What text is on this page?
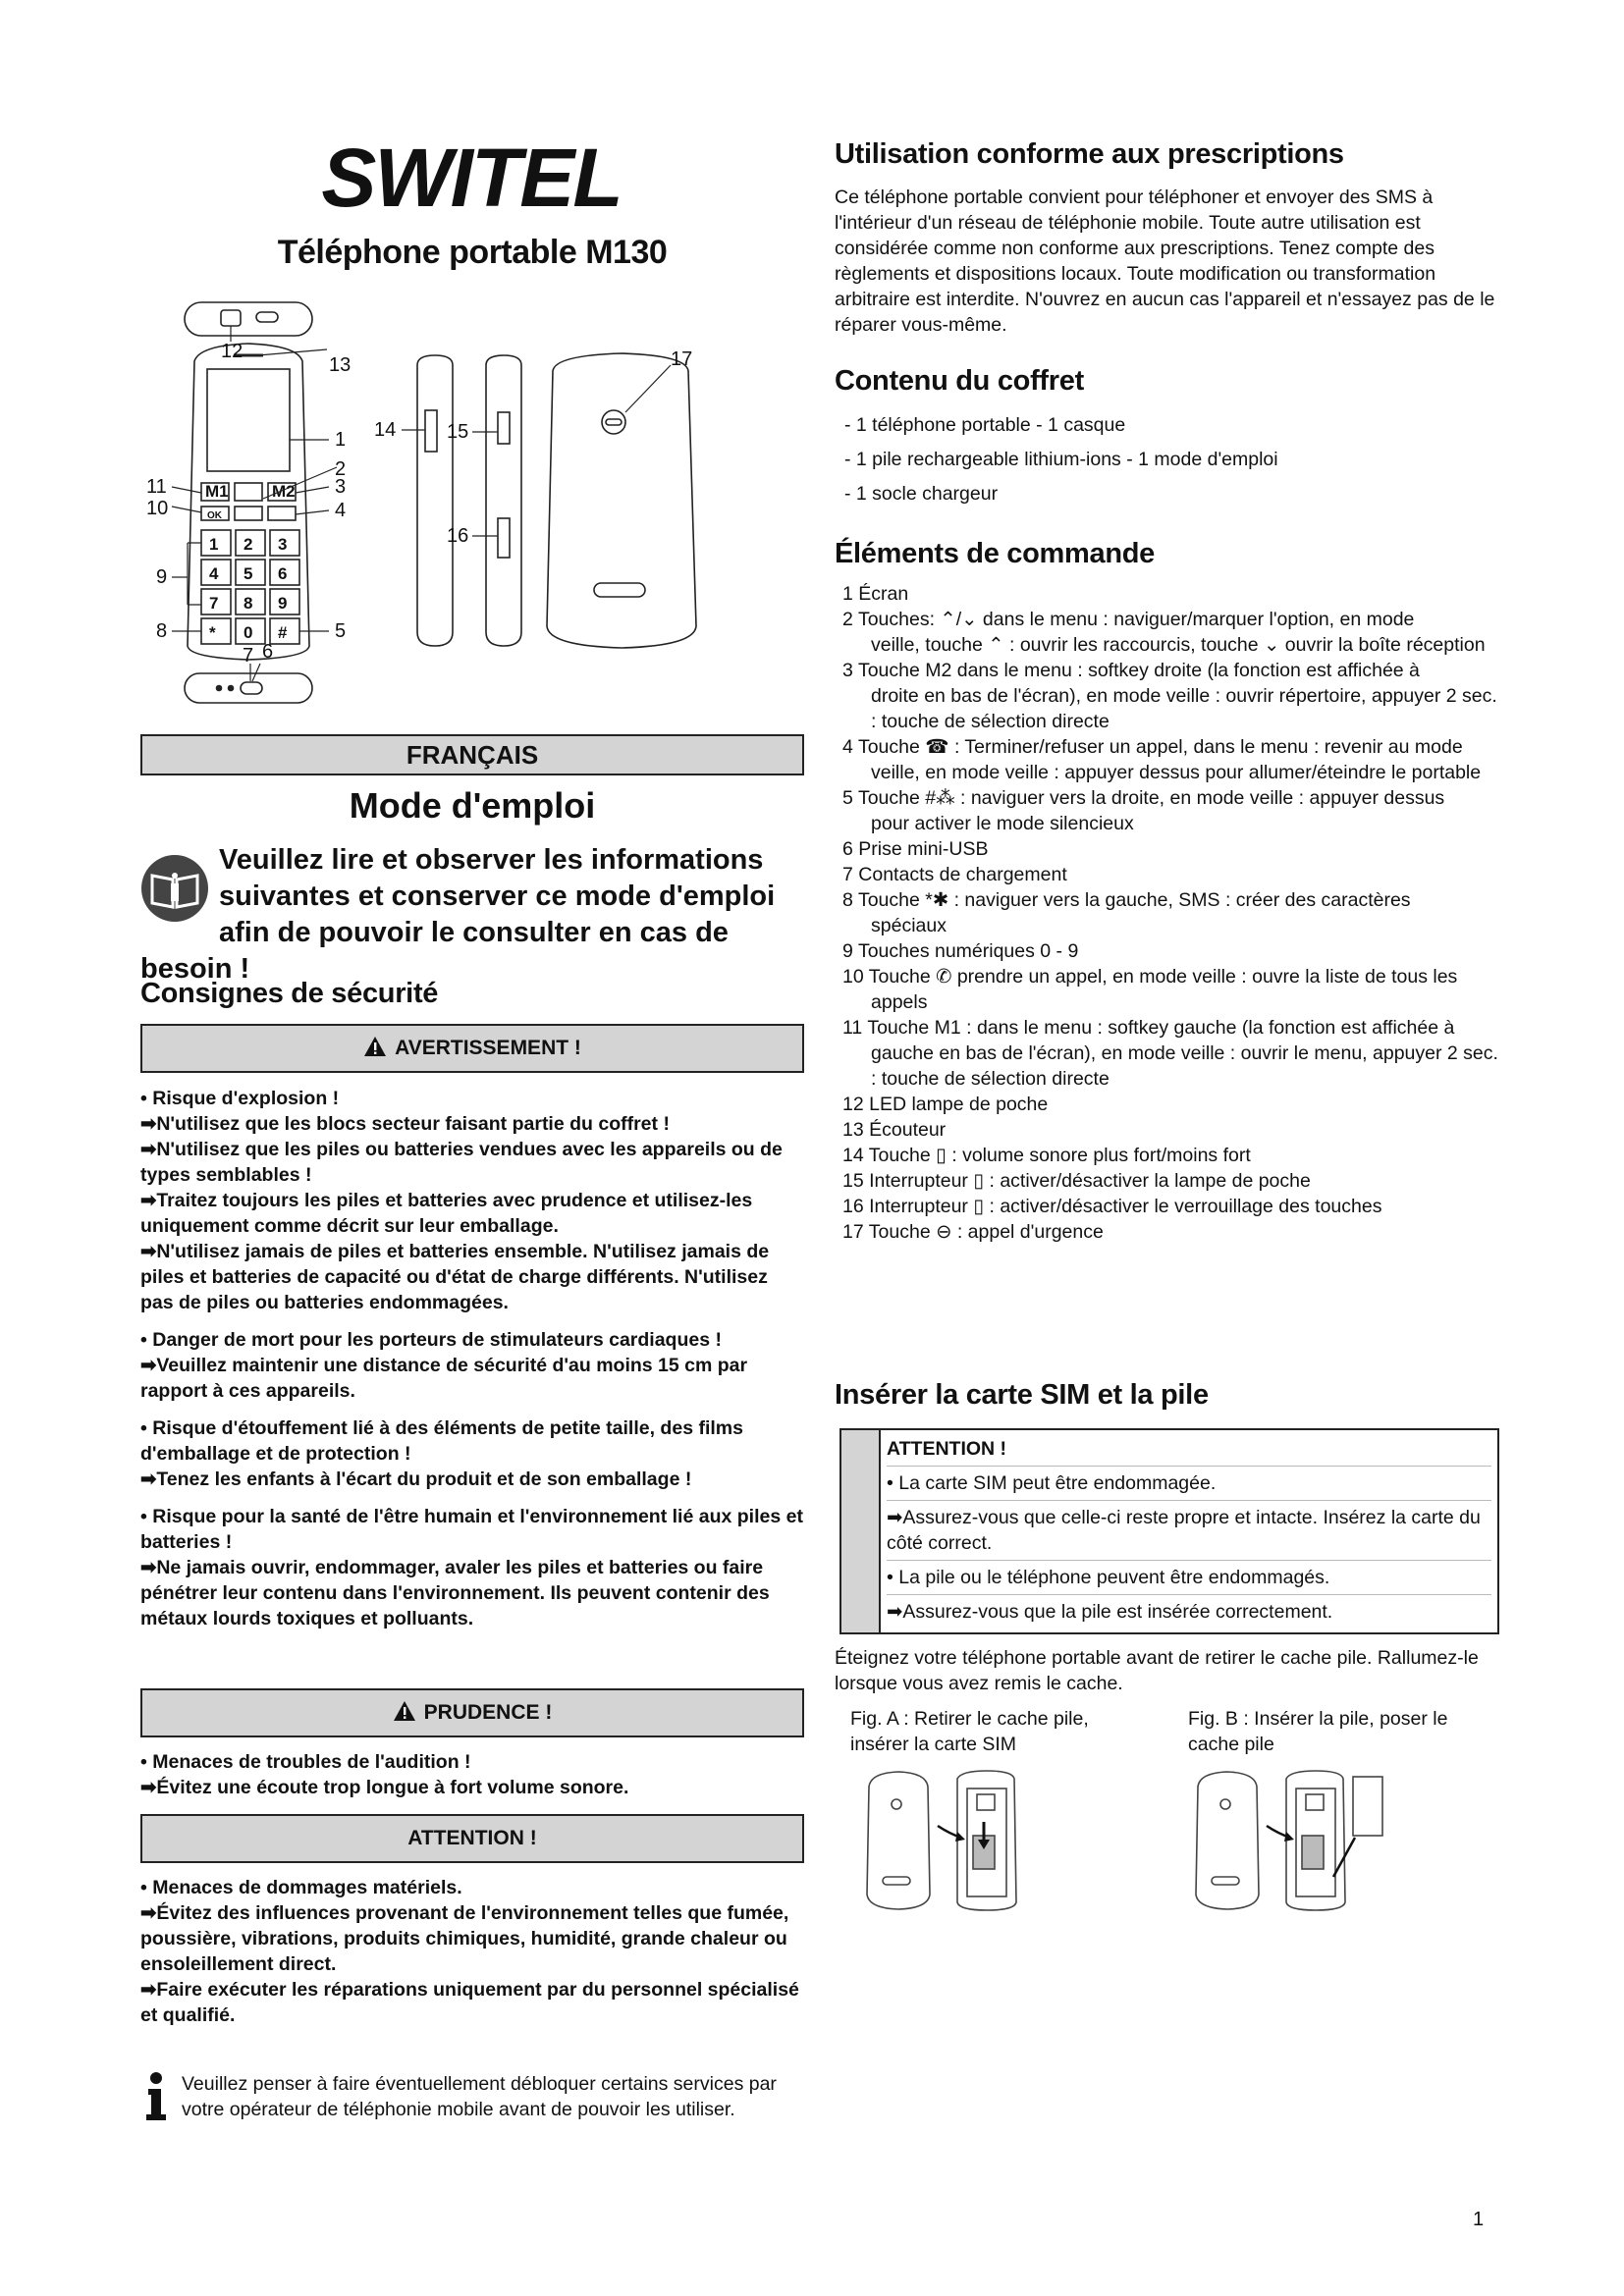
SWITEL
Téléphone portable M130
M1	M2
OK
1 2 3
4 5 6
7 8 9
* 0 #
12
13
1
2
3
4
11
10
9
8	5
7 6
14	15
16
17
FRANÇAIS
Mode d'emploi
Veuillez lire et observer les informations suivantes et conserver ce mode d'emploi afin de pouvoir le consulter en cas de besoin !
Consignes de sécurité
AVERTISSEMENT !

• Risque d'explosion !

➡N'utilisez que les blocs secteur faisant partie du coffret !

➡N'utilisez que les piles ou batteries vendues avec les appareils ou de types semblables !

➡Traitez toujours les piles et batteries avec prudence et utilisez-les uniquement comme décrit sur leur emballage.

➡N'utilisez jamais de piles et batteries ensemble. N'utilisez jamais de piles et batteries de capacité ou d'état de charge différents. N'utilisez pas de piles ou batteries endommagées.

• Danger de mort pour les porteurs de stimulateurs cardiaques !

➡Veuillez maintenir une distance de sécurité d'au moins 15 cm par rapport à ces appareils.

• Risque d'étouffement lié à des éléments de petite taille, des films d'emballage et de protection !

➡Tenez les enfants à l'écart du produit et de son emballage !

• Risque pour la santé de l'être humain et l'environnement lié aux piles et batteries !

➡Ne jamais ouvrir, endommager, avaler les piles et batteries ou faire pénétrer leur contenu dans l'environnement. Ils peuvent contenir des métaux lourds toxiques et polluants.

PRUDENCE !

• Menaces de troubles de l'audition !

➡Évitez une écoute trop longue à fort volume sonore.

ATTENTION !

• Menaces de dommages matériels.

➡Évitez des influences provenant de l'environnement telles que fumée, poussière, vibrations, produits chimiques, humidité, grande chaleur ou ensoleillement direct.

➡Faire exécuter les réparations uniquement par du personnel spécialisé et qualifié.

Veuillez penser à faire éventuellement débloquer certains services par votre opérateur de téléphonie mobile avant de pouvoir les utiliser.
Utilisation conforme aux prescriptions
Ce téléphone portable convient pour téléphoner et envoyer des SMS à l'intérieur d'un réseau de téléphonie mobile. Toute autre utilisation est considérée comme non conforme aux prescriptions. Tenez compte des règlements et dispositions locaux. Toute modification ou transformation arbitraire est interdite. N'ouvrez en aucun cas l'appareil et n'essayez pas de le réparer vous-même.
Contenu du coffret

- 1 téléphone portable - 1 casque

- 1 pile rechargeable lithium-ions - 1 mode d'emploi

- 1 socle chargeur

Éléments de commande

1 Écran

2 Touches: ⌃/⌄ dans le menu : naviguer/marquer l'option, en mode

veille, touche ⌃ : ouvrir les raccourcis, touche ⌄ ouvrir la boîte réception

3 Touche M2 dans le menu : softkey droite (la fonction est affichée à

droite en bas de l'écran), en mode veille : ouvrir répertoire, appuyer 2 sec. : touche de sélection directe

4 Touche ☎ : Terminer/refuser un appel, dans le menu : revenir au mode

veille, en mode veille : appuyer dessus pour allumer/éteindre le portable

5 Touche #⁂ : naviguer vers la droite, en mode veille : appuyer dessus

pour activer le mode silencieux

6 Prise mini-USB

7 Contacts de chargement

8 Touche *✱ : naviguer vers la gauche, SMS : créer des caractères

spéciaux

9 Touches numériques 0 - 9

10 Touche ✆ prendre un appel, en mode veille : ouvre la liste de tous les

appels

11 Touche M1 : dans le menu : softkey gauche (la fonction est affichée à

gauche en bas de l'écran), en mode veille : ouvrir le menu, appuyer 2 sec. : touche de sélection directe

12 LED lampe de poche

13 Écouteur

14 Touche ▯ : volume sonore plus fort/moins fort

15 Interrupteur ▯ : activer/désactiver la lampe de poche

16 Interrupteur ▯ : activer/désactiver le verrouillage des touches

17 Touche ⊖ : appel d'urgence

Insérer la carte SIM et la pile

ATTENTION !

• La carte SIM peut être endommagée.

➡Assurez-vous que celle-ci reste propre et intacte. Insérez la carte du côté correct.

• La pile ou le téléphone peuvent être endommagés.

➡Assurez-vous que la pile est insérée correctement.

Éteignez votre téléphone portable avant de retirer le cache pile. Rallumez-le lorsque vous avez remis le cache.
Fig. A : Retirer le cache pile, insérer la carte SIM
Fig. B : Insérer la pile, poser le cache pile
1
